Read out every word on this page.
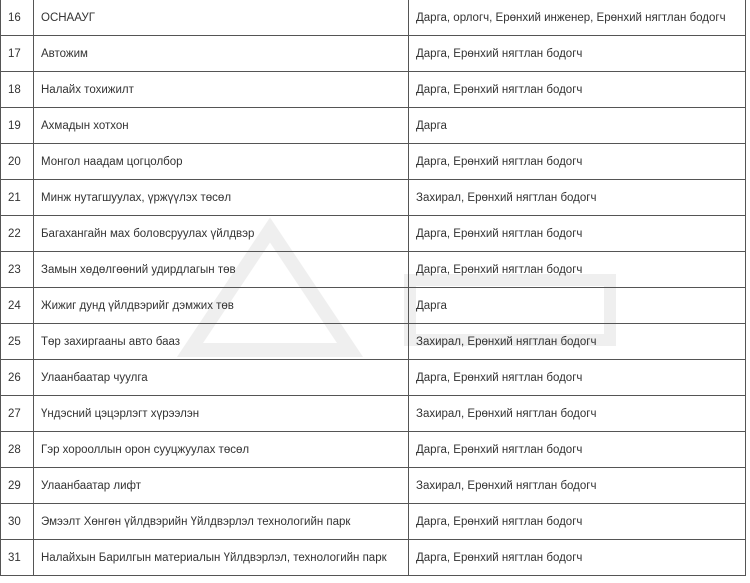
16	ОСНААУГ	Дарга, орлогч, Ерөнхий инженер, Ерөнхий нягтлан бодогч
17	Автожим	Дарга, Ерөнхий нягтлан бодогч
18	Налайх тохижилт	Дарга, Ерөнхий нягтлан бодогч
19	Ахмадын хотхон	Дарга
20	Монгол наадам цогцолбор	Дарга, Ерөнхий нягтлан бодогч
21	Минж нутагшуулах, үржүүлэх төсөл	Захирал, Ерөнхий нягтлан бодогч
22	Багахангайн мах боловсруулах үйлдвэр	Дарга, Ерөнхий нягтлан бодогч
23	Замын хөдөлгөөний удирдлагын төв	Дарга, Ерөнхий нягтлан бодогч
24	Жижиг дунд үйлдвэрийг дэмжих төв	Дарга
25	Төр захиргааны авто бааз	Захирал, Ерөнхий нягтлан бодогч
26	Улаанбаатар чуулга	Дарга, Ерөнхий нягтлан бодогч
27	Үндэсний цэцэрлэгт хүрээлэн	Захирал, Ерөнхий нягтлан бодогч
28	Гэр хорооллын орон сууцжуулах төсөл	Дарга, Ерөнхий нягтлан бодогч
29	Улаанбаатар лифт	Захирал, Ерөнхий нягтлан бодогч
30	Эмээлт Хөнгөн үйлдвэрийн Үйлдвэрлэл технологийн парк	Дарга, Ерөнхий нягтлан бодогч
31	Налайхын Барилгын материалын Үйлдвэрлэл, технологийн парк	Дарга, Ерөнхий нягтлан бодогч
